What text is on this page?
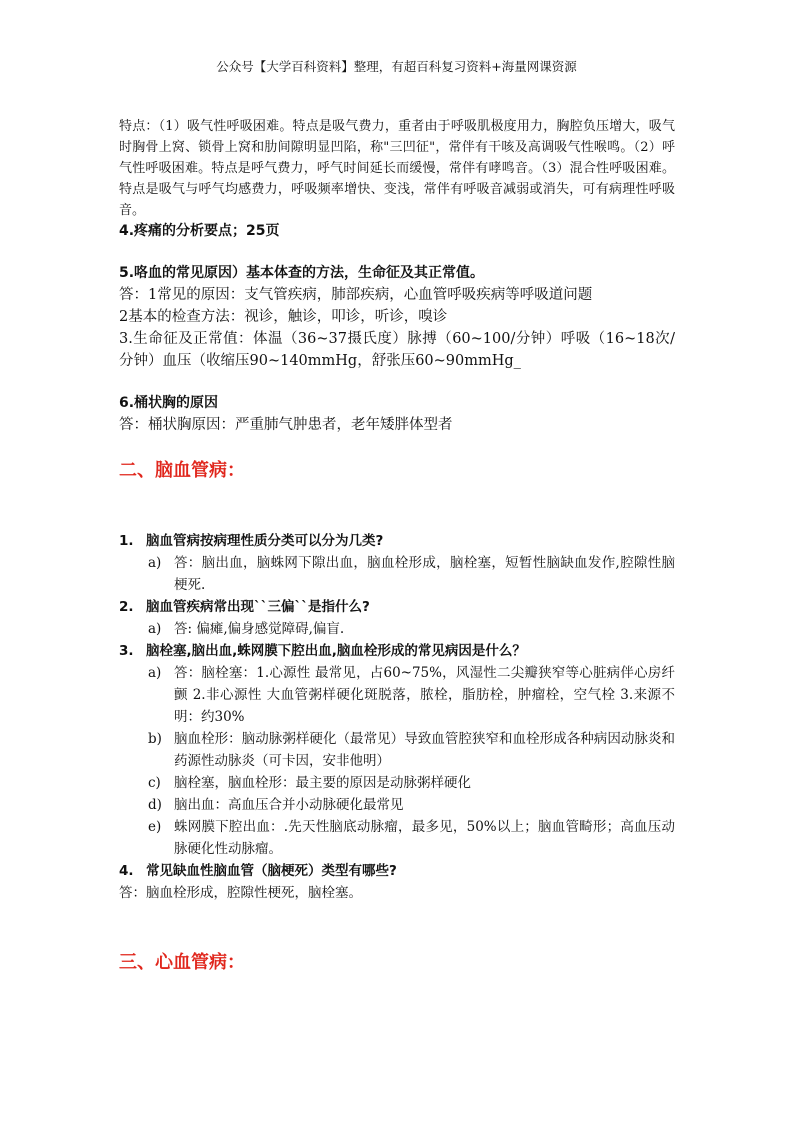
公众号【大学百科资料】整理，有超百科复习资料+海量网课资源

特点：（1）吸气性呼吸困难。特点是吸气费力，重者由于呼吸肌极度用力，胸腔负压增大，吸气时胸骨上窝、锁骨上窝和肋间隙明显凹陷，称"三凹征"，常伴有干咳及高调吸气性喉鸣。（2）呼气性呼吸困难。特点是呼气费力，呼气时间延长而缓慢，常伴有哮鸣音。（3）混合性呼吸困难。特点是吸气与呼气均感费力，呼吸频率增快、变浅，常伴有呼吸音减弱或消失，可有病理性呼吸音。

4.疼痛的分析要点；25页

5.咯血的常见原因）基本体查的方法，生命征及其正常值。

答：1常见的原因：支气管疾病，肺部疾病，心血管呼吸疾病等呼吸道问题

2基本的检查方法：视诊，触诊，叩诊，听诊，嗅诊

3.生命征及正常值：体温（36~37摄氏度）脉搏（60~100/分钟）呼吸（16~18次/分钟）血压（收缩压90~140mmHg，舒张压60~90mmHg_

6.桶状胸的原因

答：桶状胸原因：严重肺气肿患者，老年矮胖体型者

二、脑血管病：

1. 脑血管病按病理性质分类可以分为几类?

a) 答：脑出血，脑蛛网下隙出血，脑血栓形成，脑栓塞，短暂性脑缺血发作,腔隙性脑梗死.

2. 脑血管疾病常出现``三偏``是指什么?

a) 答: 偏瘫,偏身感觉障碍,偏盲.

3. 脑栓塞,脑出血,蛛网膜下腔出血,脑血栓形成的常见病因是什么？

a) 答：脑栓塞：1.心源性 最常见，占60~75%，风湿性二尖瓣狭窄等心脏病伴心房纤颤 2.非心源性 大血管粥样硬化斑脱落，脓栓，脂肪栓，肿瘤栓，空气栓 3.来源不明：约30%

b) 脑血栓形：脑动脉粥样硬化（最常见）导致血管腔狭窄和血栓形成各种病因动脉炎和药源性动脉炎（可卡因，安非他明）

c) 脑栓塞，脑血栓形：最主要的原因是动脉粥样硬化

d) 脑出血：高血压合并小动脉硬化最常见

e) 蛛网膜下腔出血：.先天性脑底动脉瘤，最多见，50%以上；脑血管畸形；高血压动脉硬化性动脉瘤。

4. 常见缺血性脑血管（脑梗死）类型有哪些?

答：脑血栓形成，腔隙性梗死，脑栓塞。

三、心血管病：
